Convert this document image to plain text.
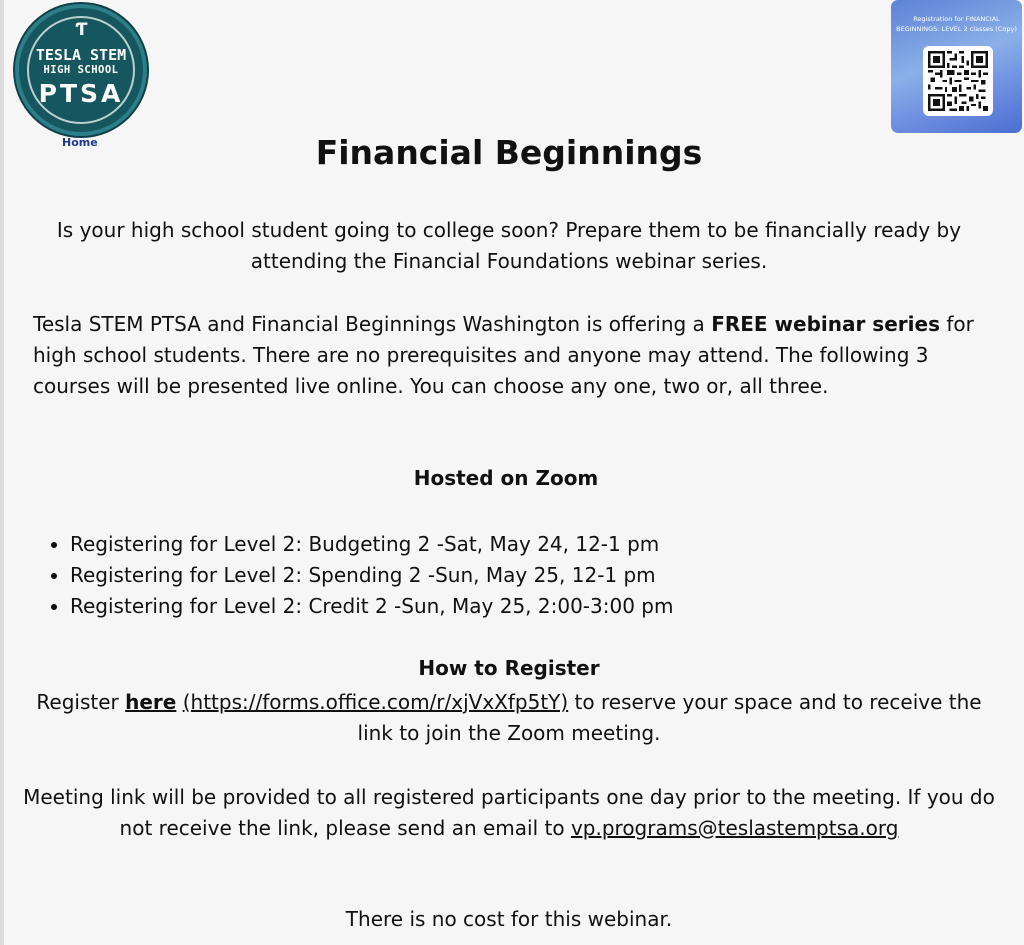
Ƭ
TESLA STEM
HIGH SCHOOL
PTSA
Home
Registration for FINANCIAL
BEGINNINGS: LEVEL 2 classes (Copy)
Financial Beginnings

Is your high school student going to college soon? Prepare them to be financially ready by attending the Financial Foundations webinar series.

Tesla STEM PTSA and Financial Beginnings Washington is offering a FREE webinar series for high school students. There are no prerequisites and anyone may attend. The following 3 courses will be presented live online. You can choose any one, two or, all three.

Hosted on Zoom

• Registering for Level 2: Budgeting 2 -Sat, May 24, 12-1 pm
• Registering for Level 2: Spending 2 -Sun, May 25, 12-1 pm
• Registering for Level 2: Credit 2 -Sun, May 25, 2:00-3:00 pm

How to Register

Register here (https://forms.office.com/r/xjVxXfp5tY) to reserve your space and to receive the link to join the Zoom meeting.

Meeting link will be provided to all registered participants one day prior to the meeting. If you do not receive the link, please send an email to vp.programs@teslastemptsa.org

There is no cost for this webinar.
